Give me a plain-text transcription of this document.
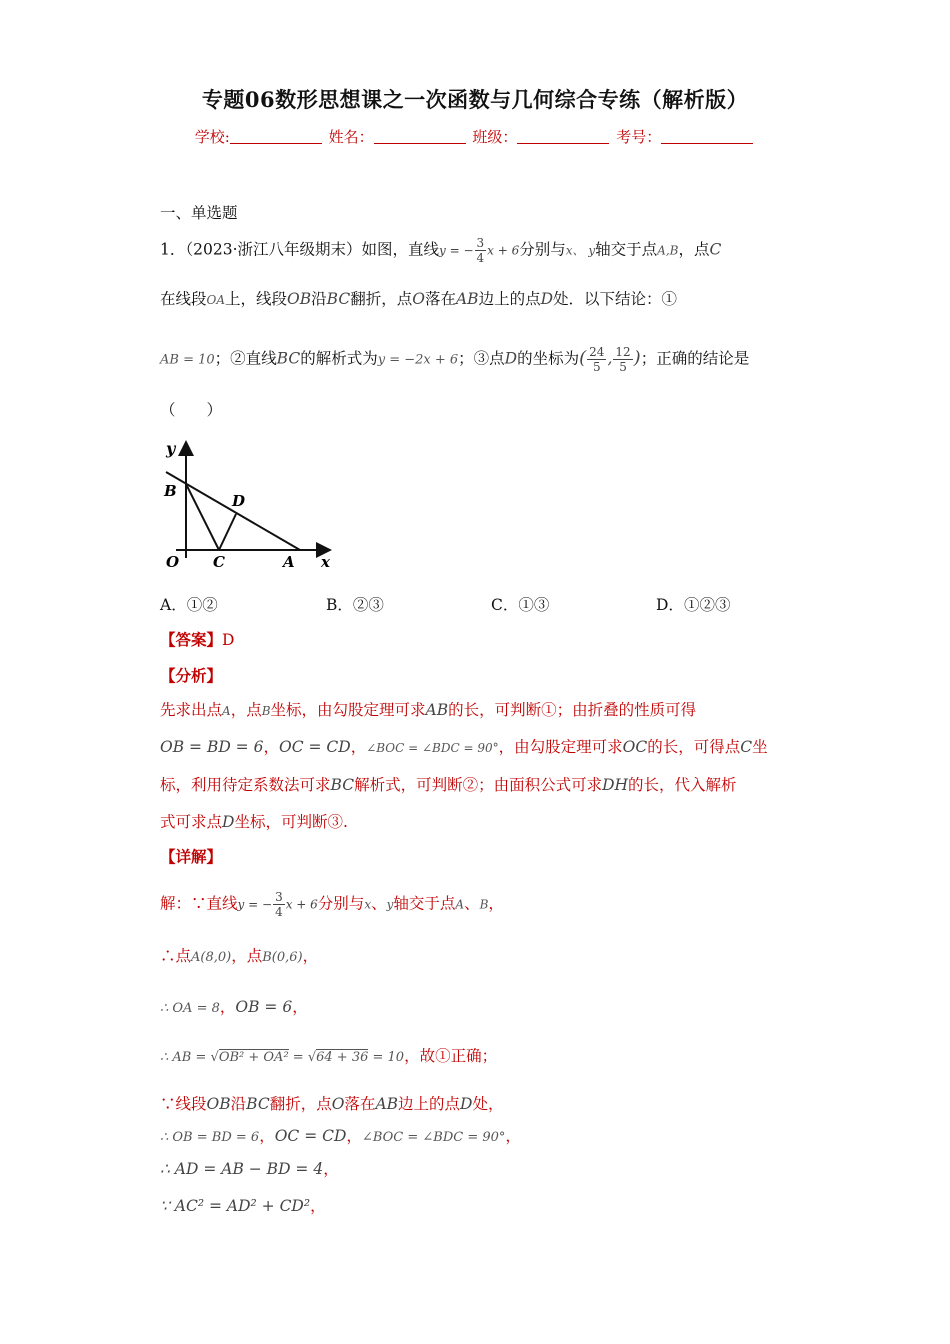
专题06数形思想课之一次函数与几何综合专练（解析版）
学校:	姓名：	班级：	考号：
一、单选题
1．（2023·浙江八年级期末）如图，直线y = − $\frac{3}{4}$ x + 6分别与x、 y轴交于点A,B，点C
在线段OA上，线段OB沿BC翻折，点O落在AB边上的点D处．以下结论：①
AB = 10；②直线BC的解析式为y = −2x + 6；③点D的坐标为( $\frac{24}{5}$ , $\frac{12}{5}$ )；正确的结论是
（　　）
y
x
B
D
O C	A
A．①②	B．②③	C．①③	D．①②③
【答案】D
【分析】
先求出点A，点B坐标，由勾股定理可求AB的长，可判断①；由折叠的性质可得
OB = BD = 6，OC = CD，∠BOC = ∠BDC = 90°，由勾股定理可求OC的长，可得点C坐
标，利用待定系数法可求BC解析式，可判断②；由面积公式可求DH的长，代入解析
式可求点D坐标，可判断③.
【详解】
解：∵直线y = − $\frac{3}{4}$ x + 6分别与x、y轴交于点A、B，
∴点A(8,0)，点B(0,6)，
∴ OA = 8，OB = 6，
∴ AB = √OB² + OA² = √64 + 36 = 10，故①正确；
∵线段OB沿BC翻折，点O落在AB边上的点D处，
∴ OB = BD = 6，OC = CD，∠BOC = ∠BDC = 90°，
∴ AD = AB − BD = 4，
∵ AC² = AD² + CD²，
